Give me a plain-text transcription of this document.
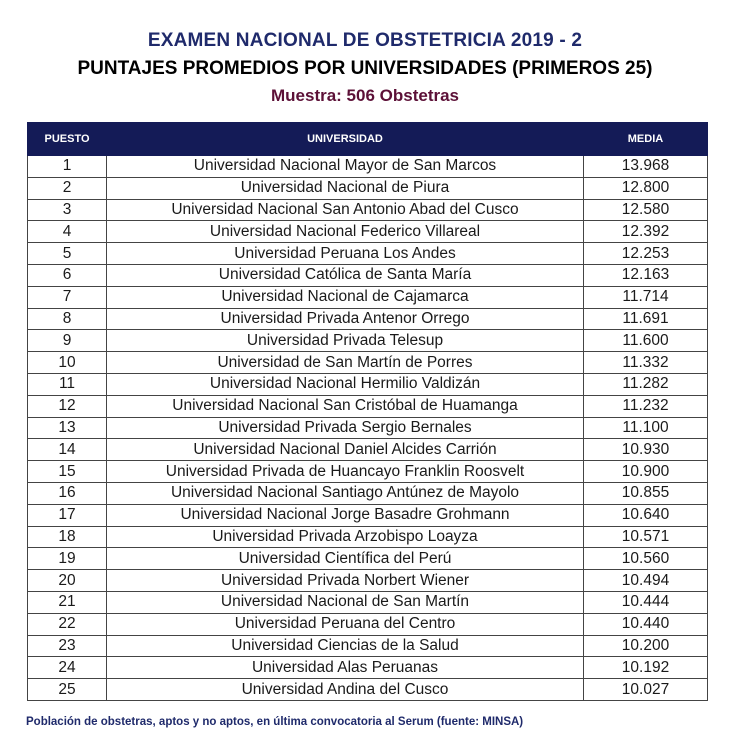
EXAMEN NACIONAL DE OBSTETRICIA 2019 - 2
PUNTAJES PROMEDIOS POR UNIVERSIDADES (PRIMEROS 25)
Muestra: 506 Obstetras
PUESTO	UNIVERSIDAD	MEDIA
1	Universidad Nacional Mayor de San Marcos	13.968
2	Universidad Nacional de Piura	12.800
3	Universidad Nacional San Antonio Abad del Cusco	12.580
4	Universidad Nacional Federico Villareal	12.392
5	Universidad Peruana Los Andes	12.253
6	Universidad Católica de Santa María	12.163
7	Universidad Nacional de Cajamarca	11.714
8	Universidad Privada Antenor Orrego	11.691
9	Universidad Privada Telesup	11.600
10	Universidad de San Martín de Porres	11.332
11	Universidad Nacional Hermilio Valdizán	11.282
12	Universidad Nacional San Cristóbal de Huamanga	11.232
13	Universidad Privada Sergio Bernales	11.100
14	Universidad Nacional Daniel Alcides Carrión	10.930
15	Universidad Privada de Huancayo Franklin Roosvelt	10.900
16	Universidad Nacional Santiago Antúnez de Mayolo	10.855
17	Universidad Nacional Jorge Basadre Grohmann	10.640
18	Universidad Privada Arzobispo Loayza	10.571
19	Universidad Científica del Perú	10.560
20	Universidad Privada Norbert Wiener	10.494
21	Universidad Nacional de San Martín	10.444
22	Universidad Peruana del Centro	10.440
23	Universidad Ciencias de la Salud	10.200
24	Universidad Alas Peruanas	10.192
25	Universidad Andina del Cusco	10.027
Población de obstetras, aptos y no aptos, en última convocatoria al Serum (fuente: MINSA)
